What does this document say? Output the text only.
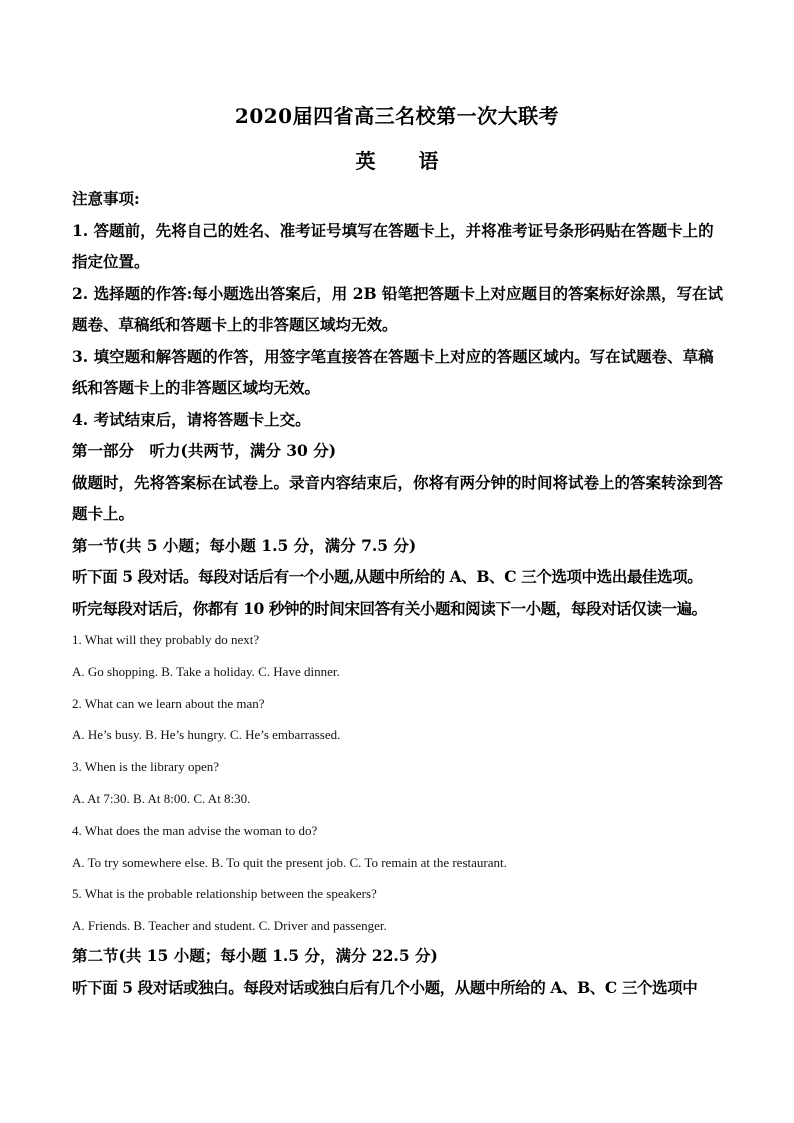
2020届四省高三名校第一次大联考
英 语

注意事项:

1. 答题前，先将自己的姓名、准考证号填写在答题卡上，并将准考证号条形码贴在答题卡上的指定位置。

2. 选择题的作答:每小题选出答案后，用 2B 铅笔把答题卡上对应题目的答案标好涂黑，写在试题卷、草稿纸和答题卡上的非答题区域均无效。

3. 填空题和解答题的作答，用签字笔直接答在答题卡上对应的答题区域内。写在试题卷、草稿纸和答题卡上的非答题区域均无效。

4. 考试结束后，请将答题卡上交。

第一部分　听力(共两节，满分 30 分)

做题时，先将答案标在试卷上。录音内容结束后，你将有两分钟的时间将试卷上的答案转涂到答题卡上。

第一节(共 5 小题；每小题 1.5 分，满分 7.5 分)

听下面 5 段对话。每段对话后有一个小题,从题中所给的 A、B、C 三个选项中选出最佳选项。

听完每段对话后，你都有 10 秒钟的时间宋回答有关小题和阅读下一小题，每段对话仅读一遍。

1. What will they probably do next?

A. Go shopping. B. Take a holiday. C. Have dinner.

2. What can we learn about the man?

A. He’s busy. B. He’s hungry. C. He’s embarrassed.

3. When is the library open?

A. At 7:30. B. At 8:00. C. At 8:30.

4. What does the man advise the woman to do?

A. To try somewhere else. B. To quit the present job. C. To remain at the restaurant.

5. What is the probable relationship between the speakers?

A. Friends. B. Teacher and student. C. Driver and passenger.

第二节(共 15 小题；每小题 1.5 分，满分 22.5 分)

听下面 5 段对话或独白。每段对话或独白后有几个小题，从题中所给的 A、B、C 三个选项中
